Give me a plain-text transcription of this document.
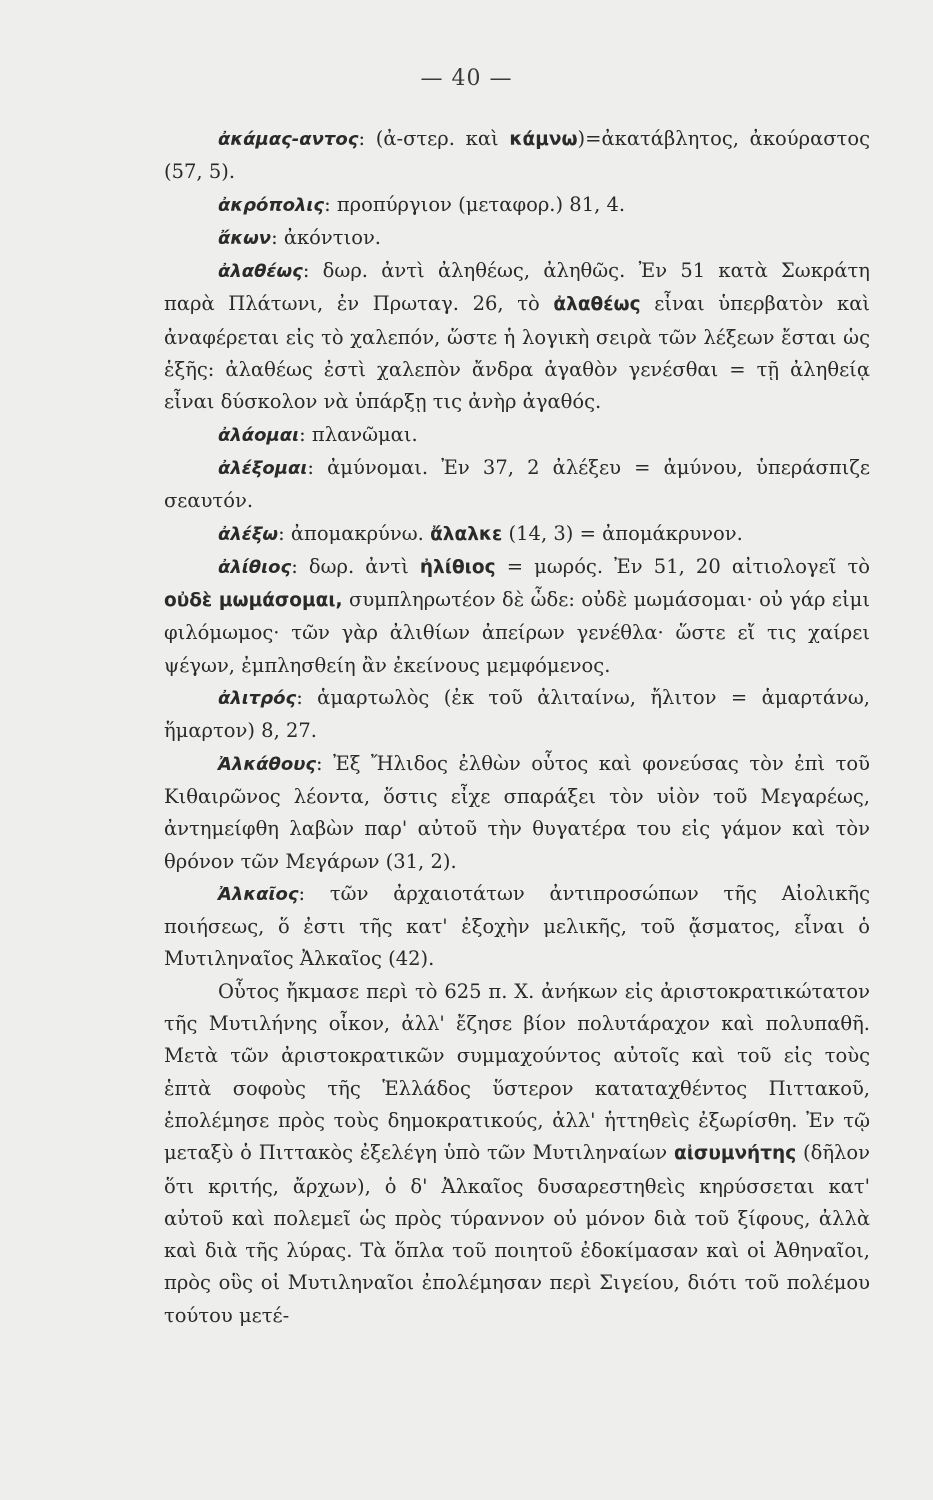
— 40 —

ἀκάμας-αντος: (ἀ-στερ. καὶ κάμνω)=ἀκατάβλητος, ἀκούραστος (57, 5).

ἀκρόπολις: προπύργιον (μεταφορ.) 81, 4.

ἄκων: ἀκόντιον.

ἀλαθέως: δωρ. ἀντὶ ἀληθέως, ἀληθῶς. Ἐν 51 κατὰ Σωκράτη παρὰ Πλάτωνι, ἐν Πρωταγ. 26, τὸ ἀλαθέως εἶναι ὑπερβατὸν καὶ ἀναφέρεται εἰς τὸ χαλεπόν, ὥστε ἡ λογικὴ σειρὰ τῶν λέξεων ἔσται ὡς ἑξῆς: ἀλαθέως ἐστὶ χαλεπὸν ἄνδρα ἀγαθὸν γενέσθαι = τῇ ἀληθείᾳ εἶναι δύσκολον νὰ ὑπάρξῃ τις ἀνὴρ ἀγαθός.

ἀλάομαι: πλανῶμαι.

ἀλέξομαι: ἀμύνομαι. Ἐν 37, 2 ἀλέξευ = ἀμύνου, ὑπεράσπιζε σεαυτόν.

ἀλέξω: ἀπομακρύνω. ἄλαλκε (14, 3) = ἀπομάκρυνον.

ἀλίθιος: δωρ. ἀντὶ ἠλίθιος = μωρός. Ἐν 51, 20 αἰτιολογεῖ τὸ οὐδὲ μωμάσομαι, συμπληρωτέον δὲ ὧδε: οὐδὲ μωμάσομαι· οὐ γάρ εἰμι φιλόμωμος· τῶν γὰρ ἀλιθίων ἀπείρων γενέθλα· ὥστε εἴ τις χαίρει ψέγων, ἐμπλησθείη ἂν ἐκείνους μεμφόμενος.

ἀλιτρός: ἁμαρτωλὸς (ἐκ τοῦ ἀλιταίνω, ἤλιτον = ἁμαρτάνω, ἥμαρτον) 8, 27.

Ἀλκάθους: Ἐξ Ἤλιδος ἐλθὼν οὗτος καὶ φονεύσας τὸν ἐπὶ τοῦ Κιθαιρῶνος λέοντα, ὅστις εἶχε σπαράξει τὸν υἱὸν τοῦ Μεγαρέως, ἀντημείφθη λαβὼν παρ' αὐτοῦ τὴν θυγατέρα του εἰς γάμον καὶ τὸν θρόνον τῶν Μεγάρων (31, 2).

Ἀλκαῖος: τῶν ἀρχαιοτάτων ἀντιπροσώπων τῆς Αἰολικῆς ποιήσεως, ὅ ἐστι τῆς κατ' ἐξοχὴν μελικῆς, τοῦ ᾄσματος, εἶναι ὁ Μυτιληναῖος Ἀλκαῖος (42).

Οὗτος ἤκμασε περὶ τὸ 625 π. Χ. ἀνήκων εἰς ἀριστοκρατικώτατον τῆς Μυτιλήνης οἶκον, ἀλλ' ἔζησε βίον πολυτάραχον καὶ πολυπαθῆ. Μετὰ τῶν ἀριστοκρατικῶν συμμαχούντος αὐτοῖς καὶ τοῦ εἰς τοὺς ἑπτὰ σοφοὺς τῆς Ἑλλάδος ὕστερον καταταχθέντος Πιττακοῦ, ἐπολέμησε πρὸς τοὺς δημοκρατικούς, ἀλλ' ἡττηθεὶς ἐξωρίσθη. Ἐν τῷ μεταξὺ ὁ Πιττακὸς ἐξελέγη ὑπὸ τῶν Μυτιληναίων αἰσυμνήτης (δῆλον ὅτι κριτής, ἄρχων), ὁ δ' Ἀλκαῖος δυσαρεστηθεὶς κηρύσσεται κατ' αὐτοῦ καὶ πολεμεῖ ὡς πρὸς τύραννον οὐ μόνον διὰ τοῦ ξίφους, ἀλλὰ καὶ διὰ τῆς λύρας. Τὰ ὅπλα τοῦ ποιητοῦ ἐδοκίμασαν καὶ οἱ Ἀθηναῖοι, πρὸς οὓς οἱ Μυτιληναῖοι ἐπολέμησαν περὶ Σιγείου, διότι τοῦ πολέμου τούτου μετέ-
